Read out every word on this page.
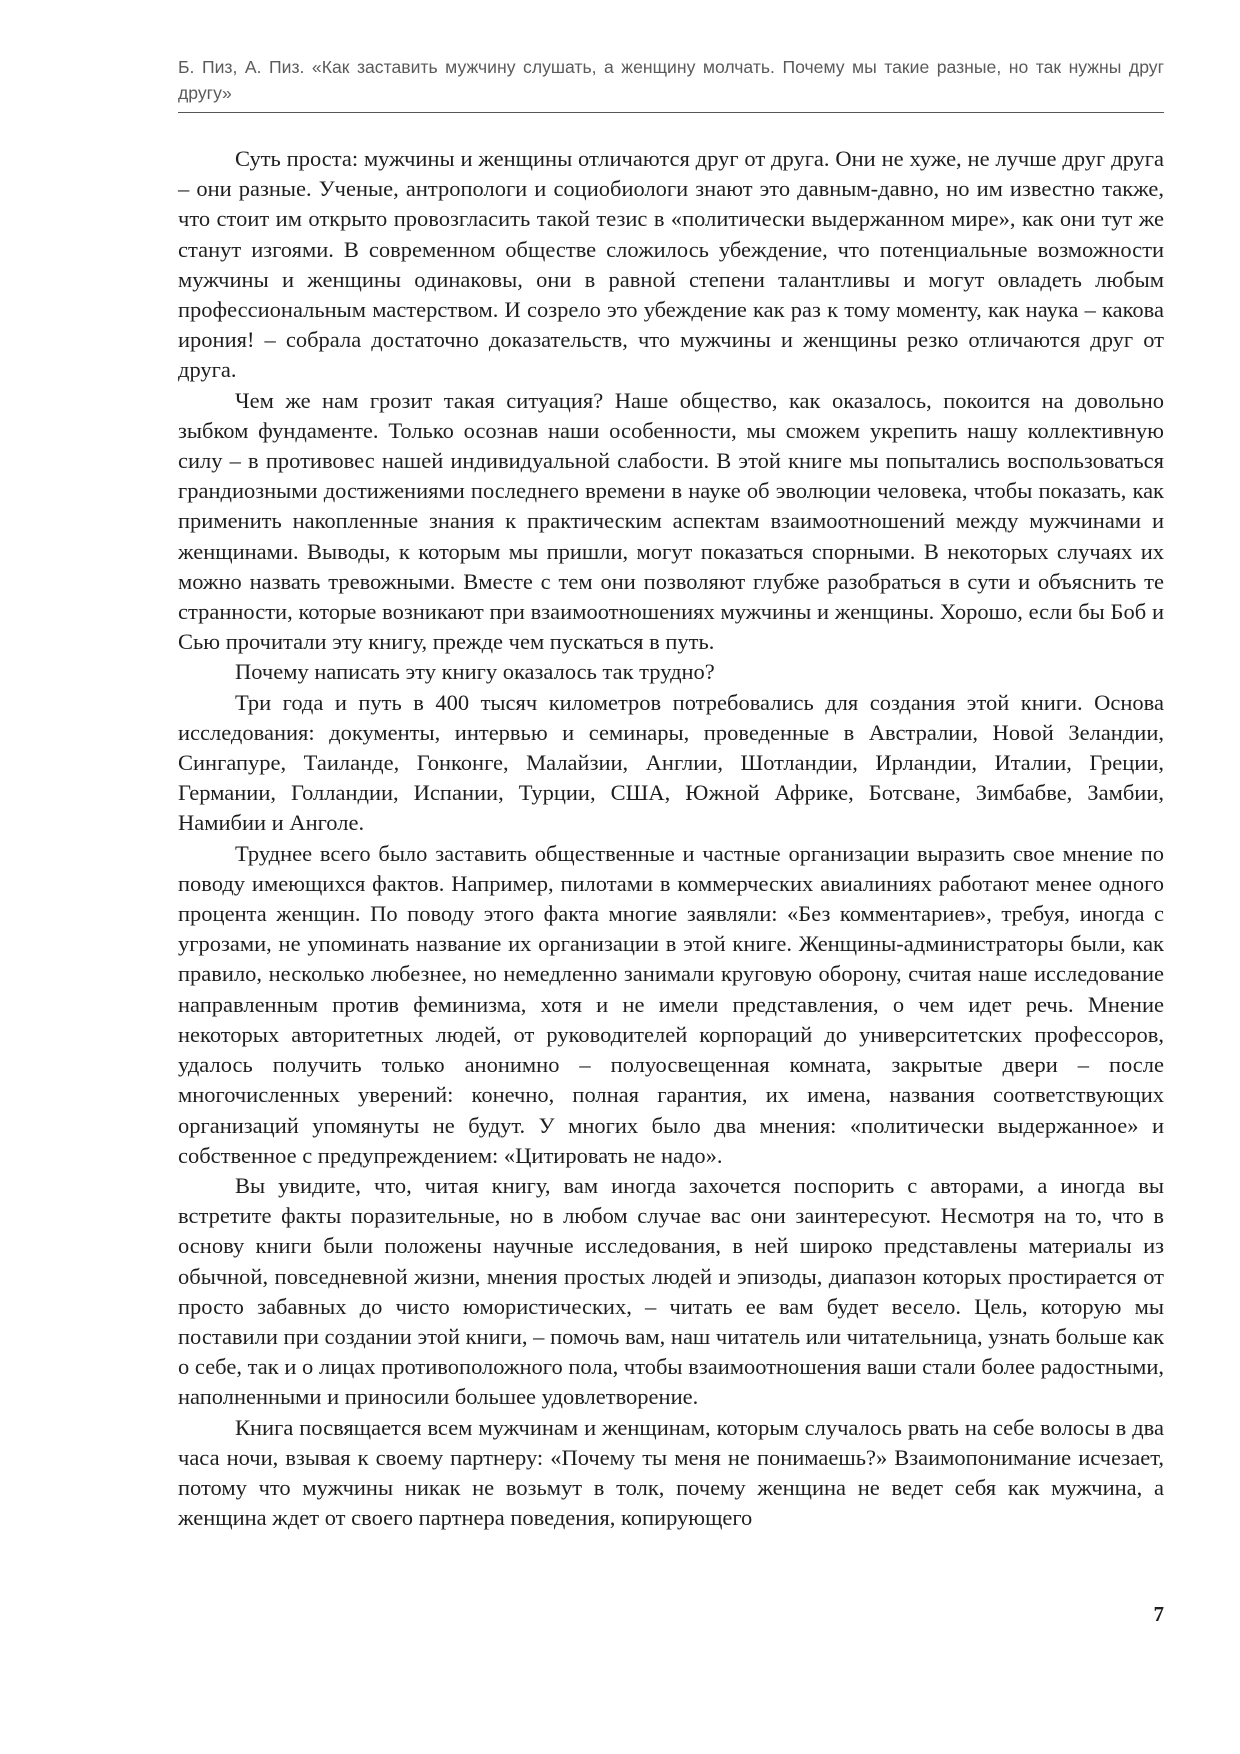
Б. Пиз, А. Пиз. «Как заставить мужчину слушать, а женщину молчать. Почему мы такие разные, но так нужны друг другу»

Суть проста: мужчины и женщины отличаются друг от друга. Они не хуже, не лучше друг друга – они разные. Ученые, антропологи и социобиологи знают это давным-давно, но им известно также, что стоит им открыто провозгласить такой тезис в «политически выдержанном мире», как они тут же станут изгоями. В современном обществе сложилось убеждение, что потенциальные возможности мужчины и женщины одинаковы, они в равной степени талантливы и могут овладеть любым профессиональным мастерством. И созрело это убеждение как раз к тому моменту, как наука – какова ирония! – собрала достаточно доказательств, что мужчины и женщины резко отличаются друг от друга.

Чем же нам грозит такая ситуация? Наше общество, как оказалось, покоится на довольно зыбком фундаменте. Только осознав наши особенности, мы сможем укрепить нашу коллективную силу – в противовес нашей индивидуальной слабости. В этой книге мы попытались воспользоваться грандиозными достижениями последнего времени в науке об эволюции человека, чтобы показать, как применить накопленные знания к практическим аспектам взаимоотношений между мужчинами и женщинами. Выводы, к которым мы пришли, могут показаться спорными. В некоторых случаях их можно назвать тревожными. Вместе с тем они позволяют глубже разобраться в сути и объяснить те странности, которые возникают при взаимоотношениях мужчины и женщины. Хорошо, если бы Боб и Сью прочитали эту книгу, прежде чем пускаться в путь.

Почему написать эту книгу оказалось так трудно?

Три года и путь в 400 тысяч километров потребовались для создания этой книги. Основа исследования: документы, интервью и семинары, проведенные в Австралии, Новой Зеландии, Сингапуре, Таиланде, Гонконге, Малайзии, Англии, Шотландии, Ирландии, Италии, Греции, Германии, Голландии, Испании, Турции, США, Южной Африке, Ботсване, Зимбабве, Замбии, Намибии и Анголе.

Труднее всего было заставить общественные и частные организации выразить свое мнение по поводу имеющихся фактов. Например, пилотами в коммерческих авиалиниях работают менее одного процента женщин. По поводу этого факта многие заявляли: «Без комментариев», требуя, иногда с угрозами, не упоминать название их организации в этой книге. Женщины-администраторы были, как правило, несколько любезнее, но немедленно занимали круговую оборону, считая наше исследование направленным против феминизма, хотя и не имели представления, о чем идет речь. Мнение некоторых авторитетных людей, от руководителей корпораций до университетских профессоров, удалось получить только анонимно – полуосвещенная комната, закрытые двери – после многочисленных уверений: конечно, полная гарантия, их имена, названия соответствующих организаций упомянуты не будут. У многих было два мнения: «политически выдержанное» и собственное с предупреждением: «Цитировать не надо».

Вы увидите, что, читая книгу, вам иногда захочется поспорить с авторами, а иногда вы встретите факты поразительные, но в любом случае вас они заинтересуют. Несмотря на то, что в основу книги были положены научные исследования, в ней широко представлены материалы из обычной, повседневной жизни, мнения простых людей и эпизоды, диапазон которых простирается от просто забавных до чисто юмористических, – читать ее вам будет весело. Цель, которую мы поставили при создании этой книги, – помочь вам, наш читатель или читательница, узнать больше как о себе, так и о лицах противоположного пола, чтобы взаимоотношения ваши стали более радостными, наполненными и приносили большее удовлетворение.

Книга посвящается всем мужчинам и женщинам, которым случалось рвать на себе волосы в два часа ночи, взывая к своему партнеру: «Почему ты меня не понимаешь?» Взаимопонимание исчезает, потому что мужчины никак не возьмут в толк, почему женщина не ведет себя как мужчина, а женщина ждет от своего партнера поведения, копирующего

7
